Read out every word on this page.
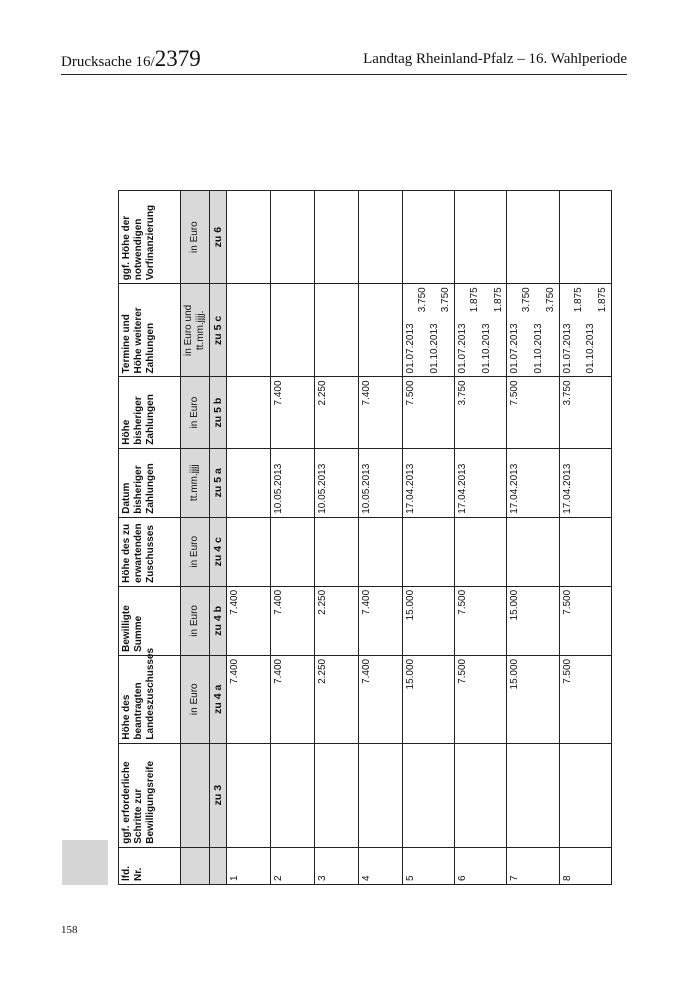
Drucksache 16/2379	Landtag Rheinland-Pfalz – 16. Wahlperiode
lfd. Nr.	ggf. erforderliche Schritte zur Bewilligungsreife	Höhe des beantragten Landeszuschusses	Bewilligte Summe	Höhe des zu erwartenden Zuschusses	Datum bisheriger Zahlungen	Höhe bisheriger Zahlungen	Termine und Höhe weiterer Zahlungen	ggf. Höhe der notwendigen Vorfinanzierung
		in Euro	in Euro	in Euro	tt.mm.jjjj	in Euro	in Euro und tt.mm.jjjj.	in Euro
	zu 3	zu 4 a	zu 4 b	zu 4 c	zu 5 a	zu 5 b	zu 5 c	zu 6
1		7.400	7.400				

2		7.400	7.400		10.05.2013	7.400	

3		2.250	2.250		10.05.2013	2.250	

4		7.400	7.400		10.05.2013	7.400	

5		15.000	15.000		17.04.2013	7.500	01.07.2013
3.750
01.10.2013
3.750	

6		7.500	7.500		17.04.2013	3.750	01.07.2013
1.875
01.10.2013
1.875	

7		15.000	15.000		17.04.2013	7.500	01.07.2013
3.750
01.10.2013
3.750	

8		7.500	7.500		17.04.2013	3.750	01.07.2013
1.875
01.10.2013
1.875	

158
